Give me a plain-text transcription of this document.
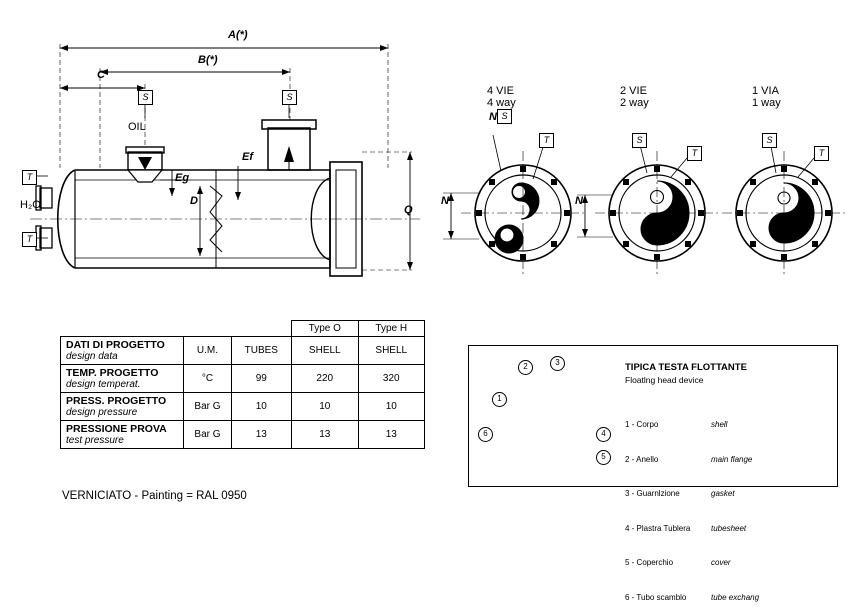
A(*)
B(*)
C
D
Q
Ef
Eg
S	S
T
T
OIL
H₂O
4 VIE
4 way
S
T
N
N
2 VIE
2 way
S
T
N
1 VIA
1 way
S
T
			Type O	Type H

DATI DI PROGETTO
design data	U.M.	TUBES	SHELL	SHELL

TEMP. PROGETTO
design temperat.	°C	99	220	320

PRESS. PROGETTO
design pressure	Bar G	10	10	10

PRESSIONE PROVA
test pressure	Bar G	13	13	13
VERNICIATO - Painting = RAL 0950
TIPICA TESTA FLOTTANTE
Floatlng head device

1 - Corpo	shell

2 - Anello	main flange

3 - Guarnlzione	gasket

4 - Plastra Tublera	tubesheet

5 - Coperchio	cover

6 - Tubo scamblo	tube exchang

1
2	3
4
5
6
